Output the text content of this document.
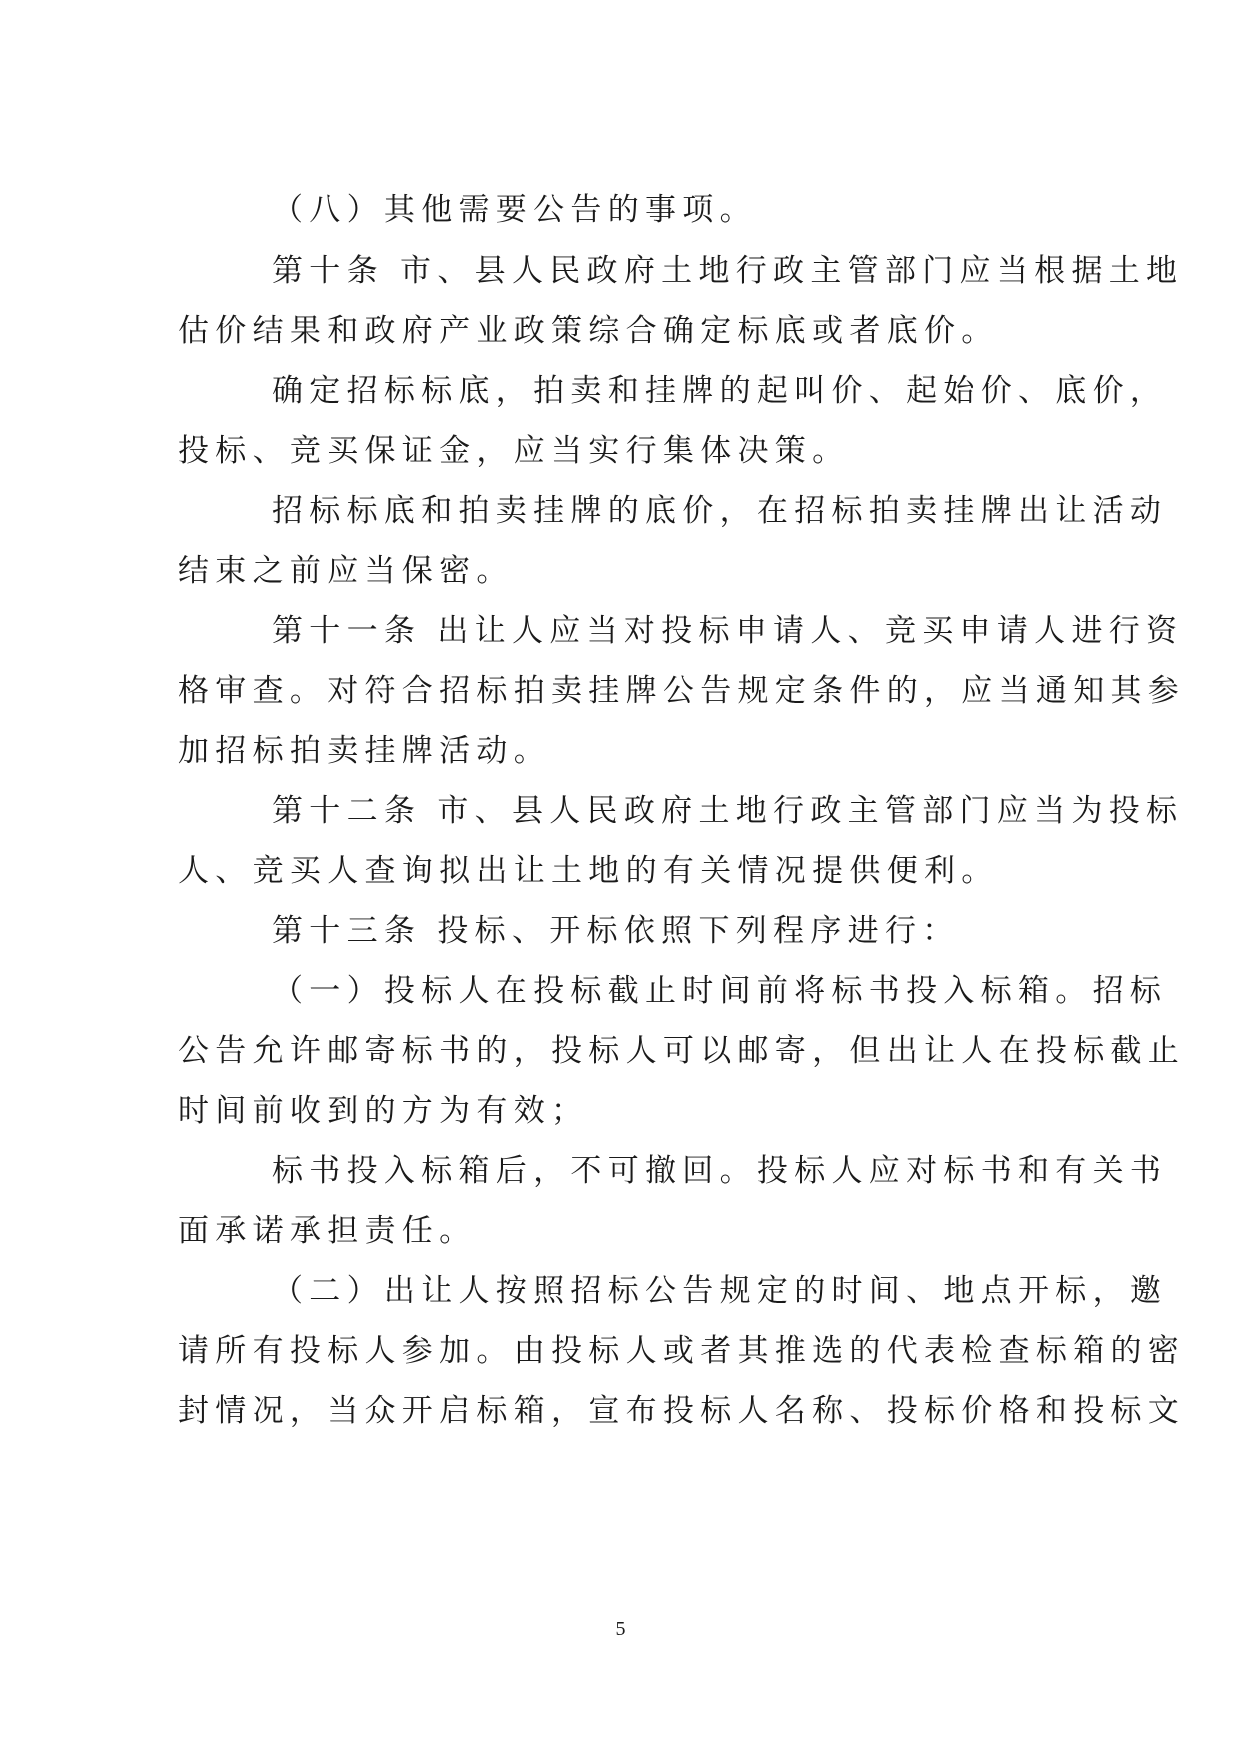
（八）其他需要公告的事项。
第十条 市、县人民政府土地行政主管部门应当根据土地
估价结果和政府产业政策综合确定标底或者底价。
确定招标标底，拍卖和挂牌的起叫价、起始价、底价，
投标、竞买保证金，应当实行集体决策。
招标标底和拍卖挂牌的底价，在招标拍卖挂牌出让活动
结束之前应当保密。
第十一条 出让人应当对投标申请人、竞买申请人进行资
格审查。对符合招标拍卖挂牌公告规定条件的，应当通知其参
加招标拍卖挂牌活动。
第十二条 市、县人民政府土地行政主管部门应当为投标
人、竞买人查询拟出让土地的有关情况提供便利。
第十三条 投标、开标依照下列程序进行：
（一）投标人在投标截止时间前将标书投入标箱。招标
公告允许邮寄标书的，投标人可以邮寄，但出让人在投标截止
时间前收到的方为有效；
标书投入标箱后，不可撤回。投标人应对标书和有关书
面承诺承担责任。
（二）出让人按照招标公告规定的时间、地点开标，邀
请所有投标人参加。由投标人或者其推选的代表检查标箱的密
封情况，当众开启标箱，宣布投标人名称、投标价格和投标文
5
